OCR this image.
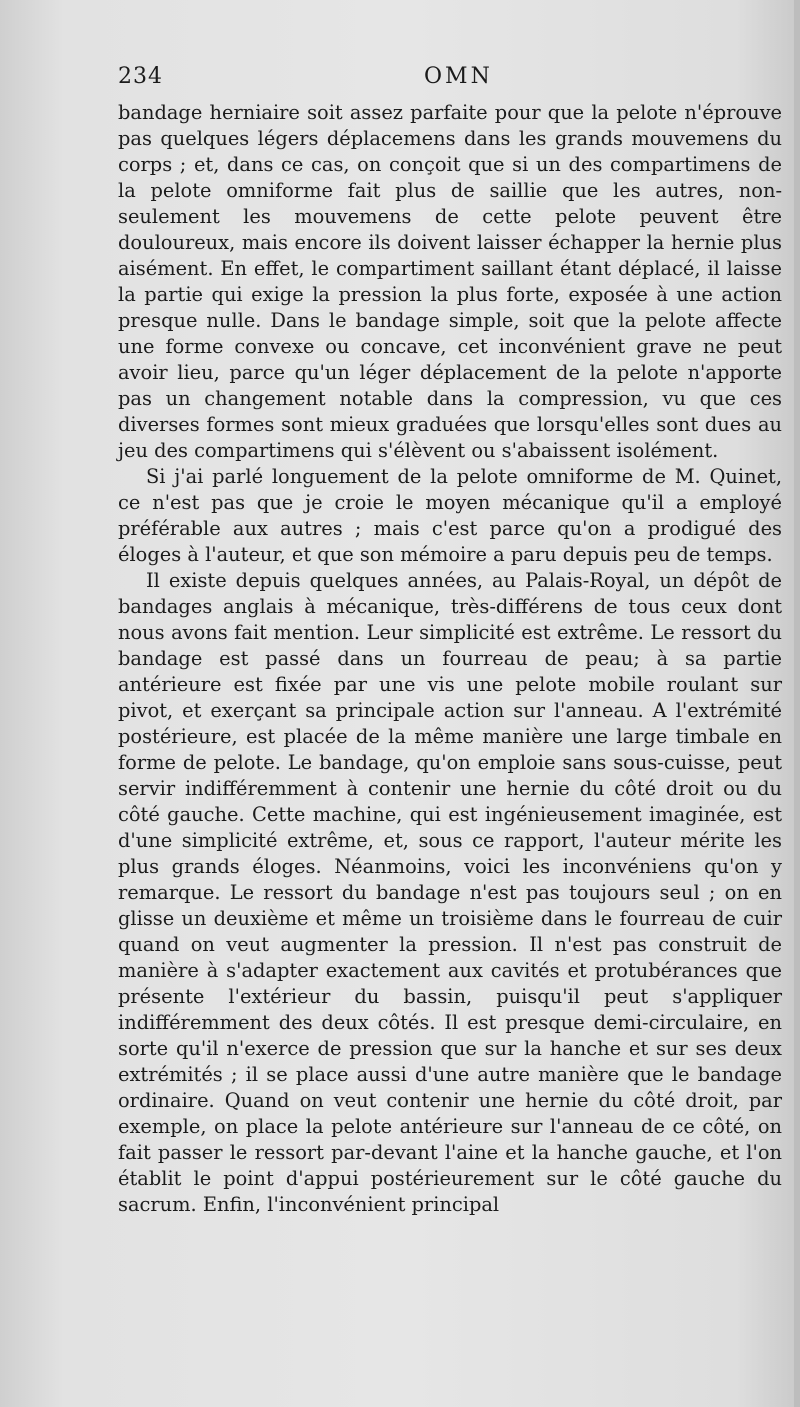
234	OMN

bandage herniaire soit assez parfaite pour que la pelote n'éprouve pas quelques légers déplacemens dans les grands mouvemens du corps ; et, dans ce cas, on conçoit que si un des compartimens de la pelote omniforme fait plus de saillie que les autres, non-seulement les mouvemens de cette pelote peuvent être douloureux, mais encore ils doivent laisser échapper la hernie plus aisément. En effet, le compartiment saillant étant déplacé, il laisse la partie qui exige la pression la plus forte, exposée à une action presque nulle. Dans le bandage simple, soit que la pelote affecte une forme convexe ou concave, cet inconvénient grave ne peut avoir lieu, parce qu'un léger déplacement de la pelote n'apporte pas un changement notable dans la compression, vu que ces diverses formes sont mieux graduées que lorsqu'elles sont dues au jeu des compartimens qui s'élèvent ou s'abaissent isolément.

Si j'ai parlé longuement de la pelote omniforme de M. Quinet, ce n'est pas que je croie le moyen mécanique qu'il a employé préférable aux autres ; mais c'est parce qu'on a prodigué des éloges à l'auteur, et que son mémoire a paru depuis peu de temps.

Il existe depuis quelques années, au Palais-Royal, un dépôt de bandages anglais à mécanique, très-différens de tous ceux dont nous avons fait mention. Leur simplicité est extrême. Le ressort du bandage est passé dans un fourreau de peau; à sa partie antérieure est fixée par une vis une pelote mobile roulant sur pivot, et exerçant sa principale action sur l'anneau. A l'extrémité postérieure, est placée de la même manière une large timbale en forme de pelote. Le bandage, qu'on emploie sans sous-cuisse, peut servir indifféremment à contenir une hernie du côté droit ou du côté gauche. Cette machine, qui est ingénieusement imaginée, est d'une simplicité extrême, et, sous ce rapport, l'auteur mérite les plus grands éloges. Néanmoins, voici les inconvéniens qu'on y remarque. Le ressort du bandage n'est pas toujours seul ; on en glisse un deuxième et même un troisième dans le fourreau de cuir quand on veut augmenter la pression. Il n'est pas construit de manière à s'adapter exactement aux cavités et protubérances que présente l'extérieur du bassin, puisqu'il peut s'appliquer indifféremment des deux côtés. Il est presque demi-circulaire, en sorte qu'il n'exerce de pression que sur la hanche et sur ses deux extrémités ; il se place aussi d'une autre manière que le bandage ordinaire. Quand on veut contenir une hernie du côté droit, par exemple, on place la pelote antérieure sur l'anneau de ce côté, on fait passer le ressort par-devant l'aine et la hanche gauche, et l'on établit le point d'appui postérieurement sur le côté gauche du sacrum. Enfin, l'inconvénient principal
